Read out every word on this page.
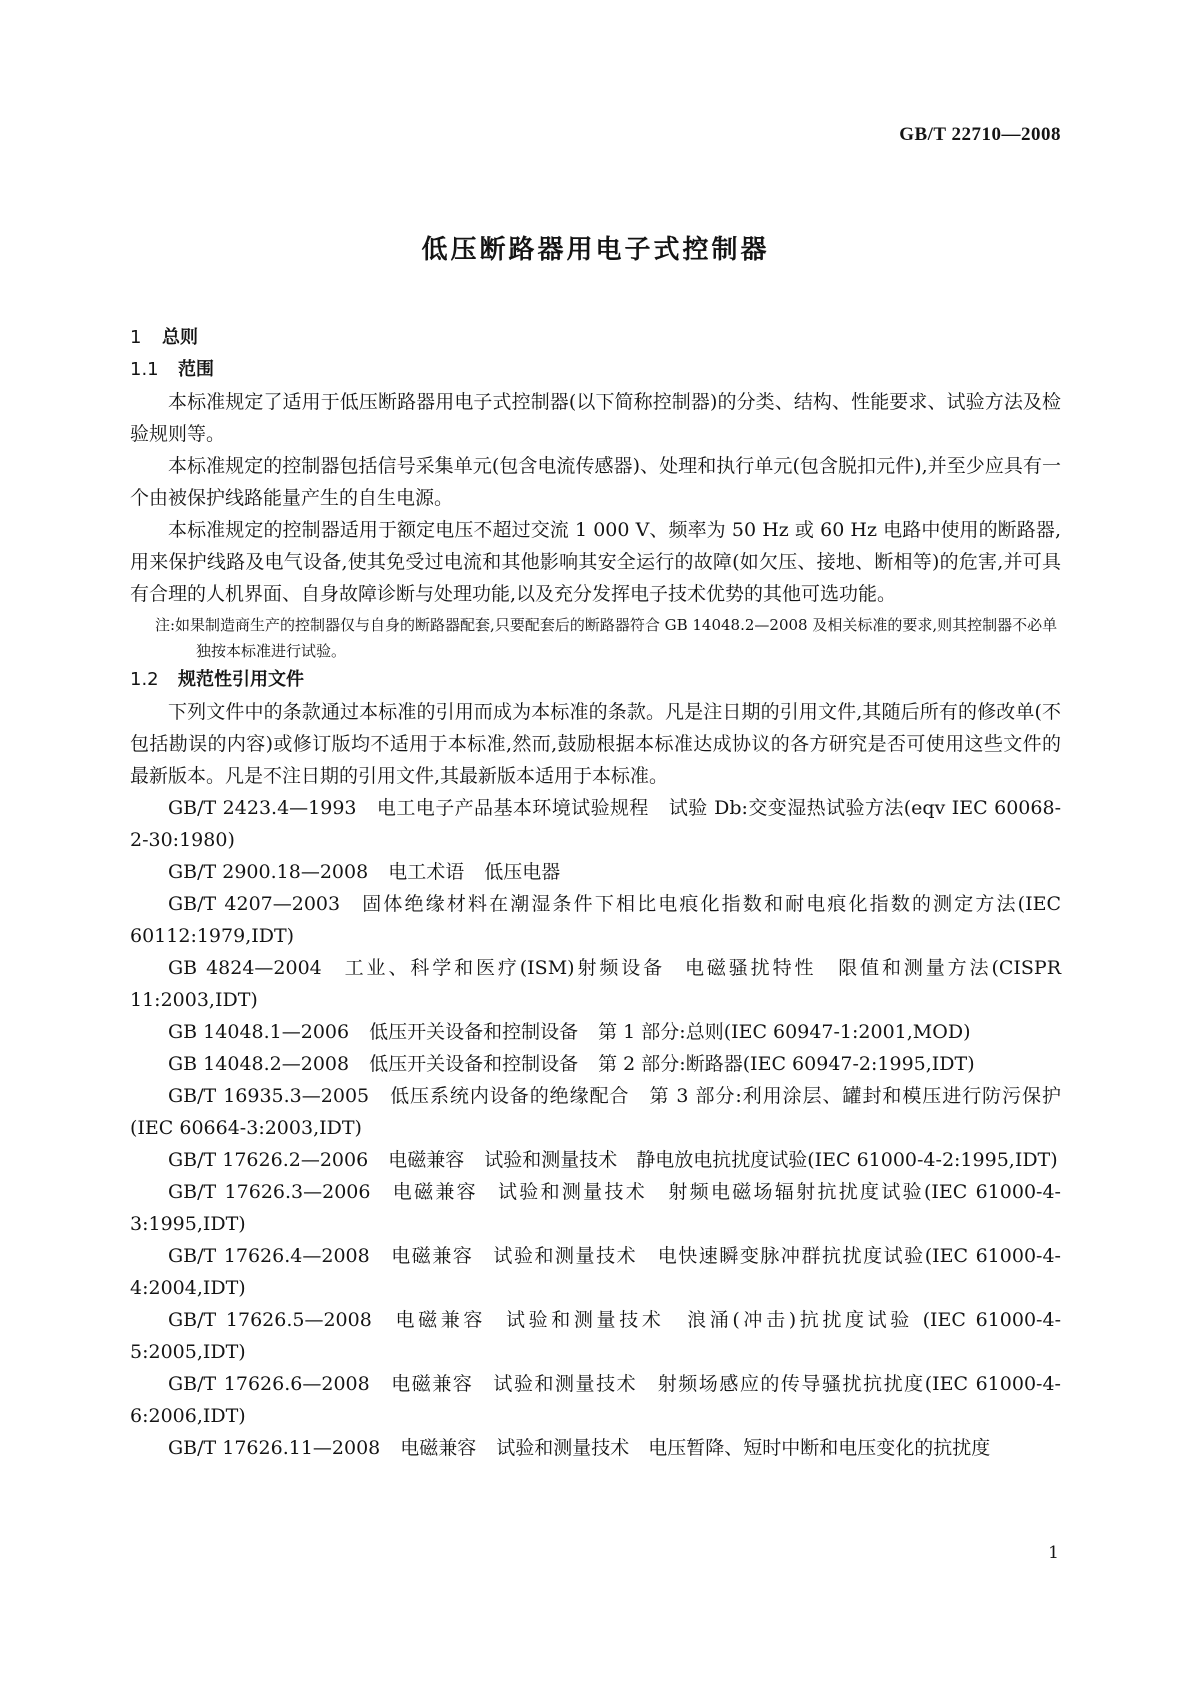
GB/T 22710—2008
低压断路器用电子式控制器

1 总则

1.1 范围

本标准规定了适用于低压断路器用电子式控制器(以下简称控制器)的分类、结构、性能要求、试验方法及检验规则等。

本标准规定的控制器包括信号采集单元(包含电流传感器)、处理和执行单元(包含脱扣元件),并至少应具有一个由被保护线路能量产生的自生电源。

本标准规定的控制器适用于额定电压不超过交流 1 000 V、频率为 50 Hz 或 60 Hz 电路中使用的断路器,用来保护线路及电气设备,使其免受过电流和其他影响其安全运行的故障(如欠压、接地、断相等)的危害,并可具有合理的人机界面、自身故障诊断与处理功能,以及充分发挥电子技术优势的其他可选功能。

注:如果制造商生产的控制器仅与自身的断路器配套,只要配套后的断路器符合 GB 14048.2—2008 及相关标准的要求,则其控制器不必单独按本标准进行试验。

1.2 规范性引用文件

下列文件中的条款通过本标准的引用而成为本标准的条款。凡是注日期的引用文件,其随后所有的修改单(不包括勘误的内容)或修订版均不适用于本标准,然而,鼓励根据本标准达成协议的各方研究是否可使用这些文件的最新版本。凡是不注日期的引用文件,其最新版本适用于本标准。

GB/T 2423.4—1993 电工电子产品基本环境试验规程 试验 Db:交变湿热试验方法(eqv IEC 60068-2-30:1980)

GB/T 2900.18—2008 电工术语 低压电器

GB/T 4207—2003 固体绝缘材料在潮湿条件下相比电痕化指数和耐电痕化指数的测定方法(IEC 60112:1979,IDT)

GB 4824—2004 工业、科学和医疗(ISM)射频设备 电磁骚扰特性　限值和测量方法(CISPR 11:2003,IDT)

GB 14048.1—2006 低压开关设备和控制设备 第 1 部分:总则(IEC 60947-1:2001,MOD)

GB 14048.2—2008 低压开关设备和控制设备 第 2 部分:断路器(IEC 60947-2:1995,IDT)

GB/T 16935.3—2005 低压系统内设备的绝缘配合 第 3 部分:利用涂层、罐封和模压进行防污保护(IEC 60664-3:2003,IDT)

GB/T 17626.2—2006 电磁兼容 试验和测量技术　静电放电抗扰度试验(IEC 61000-4-2:1995,IDT)

GB/T 17626.3—2006 电磁兼容 试验和测量技术　射频电磁场辐射抗扰度试验(IEC 61000-4-3:1995,IDT)

GB/T 17626.4—2008 电磁兼容 试验和测量技术　电快速瞬变脉冲群抗扰度试验(IEC 61000-4-4:2004,IDT)

GB/T 17626.5—2008 电磁兼容 试验和测量技术　浪涌(冲击)抗扰度试验 (IEC 61000-4-5:2005,IDT)

GB/T 17626.6—2008 电磁兼容 试验和测量技术　射频场感应的传导骚扰抗扰度(IEC 61000-4-6:2006,IDT)

GB/T 17626.11—2008 电磁兼容 试验和测量技术　电压暂降、短时中断和电压变化的抗扰度

1
